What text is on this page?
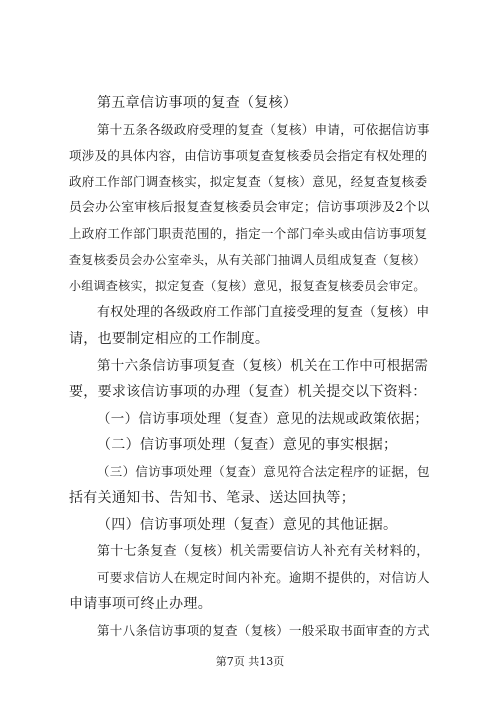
第五章信访事项的复查（复核）
第十五条各级政府受理的复查（复核）申请，可依据信访事
项涉及的具体内容，由信访事项复查复核委员会指定有权处理的
政府工作部门调查核实，拟定复查（复核）意见，经复查复核委
员会办公室审核后报复查复核委员会审定；信访事项涉及2个以
上政府工作部门职责范围的，指定一个部门牵头或由信访事项复
查复核委员会办公室牵头，从有关部门抽调人员组成复查（复核）
小组调查核实，拟定复查（复核）意见，报复查复核委员会审定。
有权处理的各级政府工作部门直接受理的复查（复核）申
请，也要制定相应的工作制度。
第十六条信访事项复查（复核）机关在工作中可根据需
要，要求该信访事项的办理（复查）机关提交以下资料：
（一）信访事项处理（复查）意见的法规或政策依据；
（二）信访事项处理（复查）意见的事实根据；
（三）信访事项处理（复查）意见符合法定程序的证据，包
括有关通知书、告知书、笔录、送达回执等；
（四）信访事项处理（复查）意见的其他证据。
第十七条复查（复核）机关需要信访人补充有关材料的，
可要求信访人在规定时间内补充。逾期不提供的，对信访人
申请事项可终止办理。
第十八条信访事项的复查（复核）一般采取书面审查的方式
第7页 共13页
